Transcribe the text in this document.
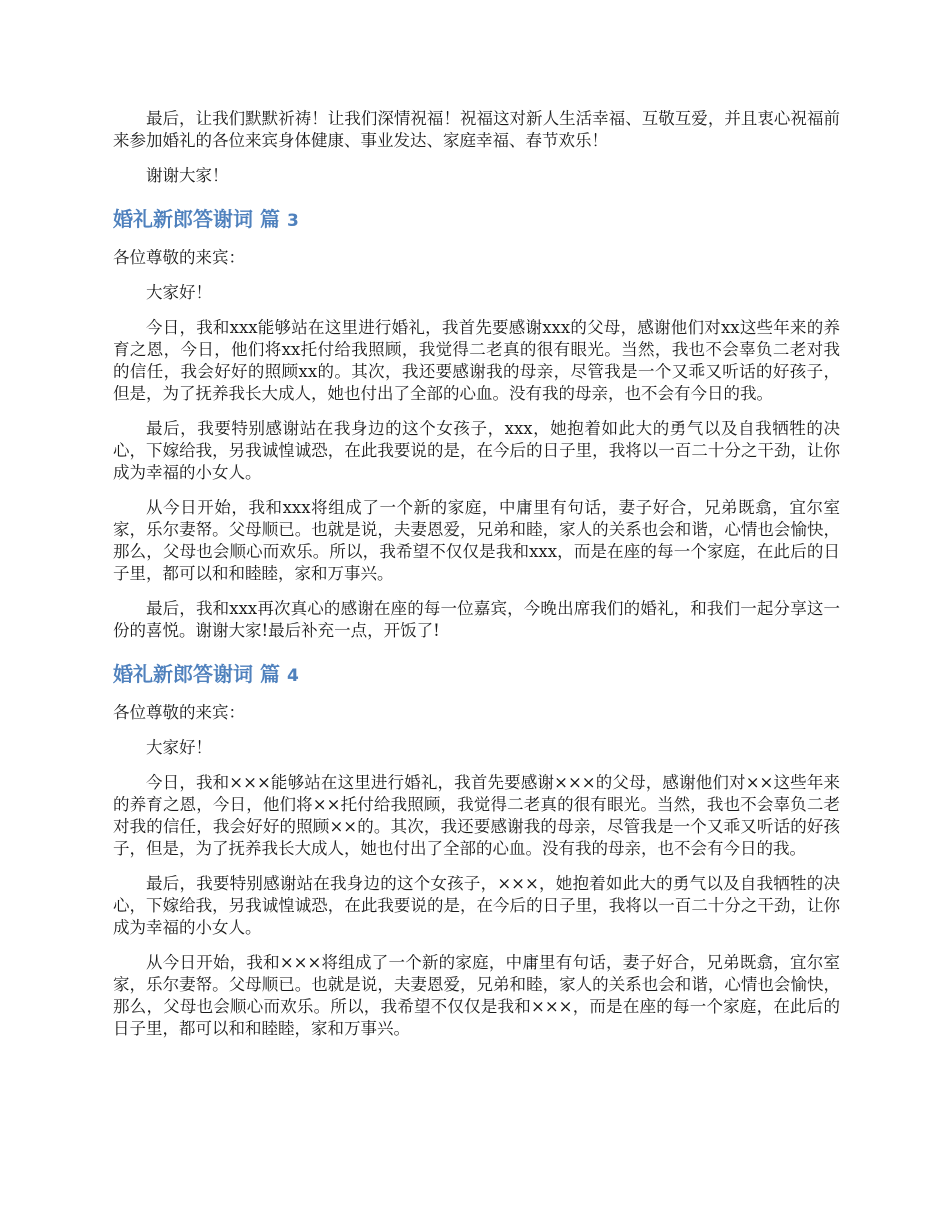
最后，让我们默默祈祷！让我们深情祝福！祝福这对新人生活幸福、互敬互爱，并且衷心祝福前来参加婚礼的各位来宾身体健康、事业发达、家庭幸福、春节欢乐！

谢谢大家！

婚礼新郎答谢词 篇 3

各位尊敬的来宾：

大家好！

今日，我和xxx能够站在这里进行婚礼，我首先要感谢xxx的父母，感谢他们对xx这些年来的养育之恩，今日，他们将xx托付给我照顾，我觉得二老真的很有眼光。当然，我也不会辜负二老对我的信任，我会好好的照顾xx的。其次，我还要感谢我的母亲，尽管我是一个又乖又听话的好孩子，但是，为了抚养我长大成人，她也付出了全部的心血。没有我的母亲，也不会有今日的我。

最后，我要特别感谢站在我身边的这个女孩子，xxx，她抱着如此大的勇气以及自我牺牲的决心，下嫁给我，另我诚惶诚恐，在此我要说的是，在今后的日子里，我将以一百二十分之干劲，让你成为幸福的小女人。

从今日开始，我和xxx将组成了一个新的家庭，中庸里有句话，妻子好合，兄弟既翕，宜尔室家，乐尔妻帑。父母顺已。也就是说，夫妻恩爱，兄弟和睦，家人的关系也会和谐，心情也会愉快，那么，父母也会顺心而欢乐。所以，我希望不仅仅是我和xxx，而是在座的每一个家庭，在此后的日子里，都可以和和睦睦，家和万事兴。

最后，我和xxx再次真心的感谢在座的每一位嘉宾，今晚出席我们的婚礼，和我们一起分享这一份的喜悦。谢谢大家!最后补充一点，开饭了!

婚礼新郎答谢词 篇 4

各位尊敬的来宾：

大家好！

今日，我和×××能够站在这里进行婚礼，我首先要感谢×××的父母，感谢他们对××这些年来的养育之恩，今日，他们将××托付给我照顾，我觉得二老真的很有眼光。当然，我也不会辜负二老对我的信任，我会好好的照顾××的。其次，我还要感谢我的母亲，尽管我是一个又乖又听话的好孩子，但是，为了抚养我长大成人，她也付出了全部的心血。没有我的母亲，也不会有今日的我。

最后，我要特别感谢站在我身边的这个女孩子，×××，她抱着如此大的勇气以及自我牺牲的决心，下嫁给我，另我诚惶诚恐，在此我要说的是，在今后的日子里，我将以一百二十分之干劲，让你成为幸福的小女人。

从今日开始，我和×××将组成了一个新的家庭，中庸里有句话，妻子好合，兄弟既翕，宜尔室家，乐尔妻帑。父母顺已。也就是说，夫妻恩爱，兄弟和睦，家人的关系也会和谐，心情也会愉快，那么，父母也会顺心而欢乐。所以，我希望不仅仅是我和×××，而是在座的每一个家庭，在此后的日子里，都可以和和睦睦，家和万事兴。
